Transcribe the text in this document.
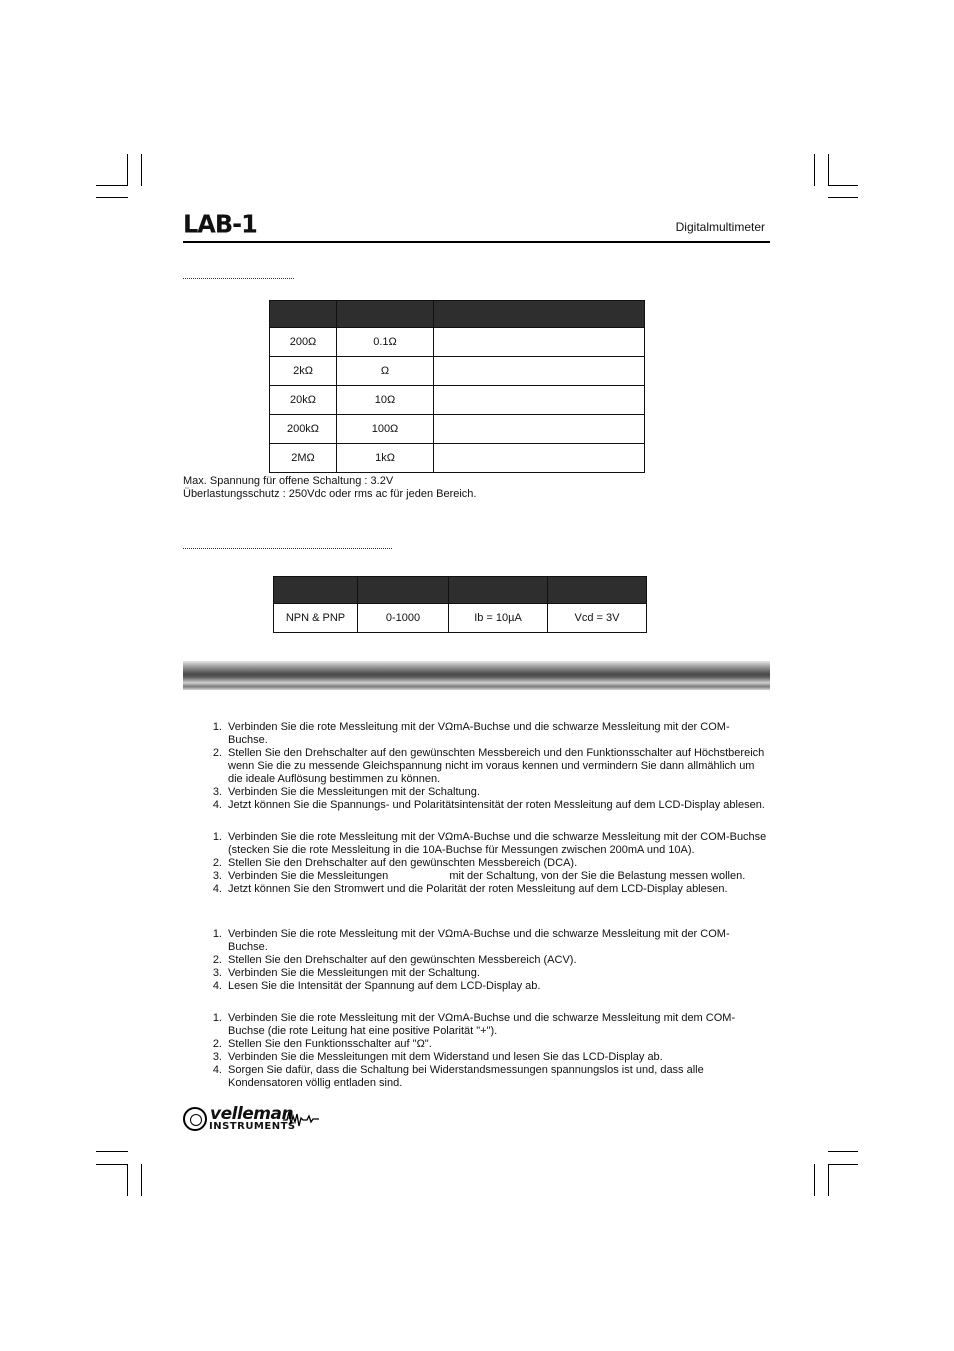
LAB-1	Digitalmultimeter

200Ω	0.1Ω	
2kΩ	Ω	
20kΩ	10Ω	
200kΩ	100Ω	
2MΩ	1kΩ	
Max. Spannung für offene Schaltung : 3.2V
Überlastungsschutz : 250Vdc oder rms ac für jeden Bereich.

NPN & PNP	0-1000	Ib = 10µA	Vcd = 3V
1. Verbinden Sie die rote Messleitung mit der VΩmA-Buchse und die schwarze Messleitung mit der COM-Buchse.
2. Stellen Sie den Drehschalter auf den gewünschten Messbereich und den Funktionsschalter auf Höchstbereich wenn Sie die zu messende Gleichspannung nicht im voraus kennen und vermindern Sie dann allmählich um die ideale Auflösung bestimmen zu können.
3. Verbinden Sie die Messleitungen mit der Schaltung.
4. Jetzt können Sie die Spannungs- und Polaritätsintensität der roten Messleitung auf dem LCD-Display ablesen.
1. Verbinden Sie die rote Messleitung mit der VΩmA-Buchse und die schwarze Messleitung mit der COM-Buchse (stecken Sie die rote Messleitung in die 10A-Buchse für Messungen zwischen 200mA und 10A).
2. Stellen Sie den Drehschalter auf den gewünschten Messbereich (DCA).
3. Verbinden Sie die Messleitungen                    mit der Schaltung, von der Sie die Belastung messen wollen.
4. Jetzt können Sie den Stromwert und die Polarität der roten Messleitung auf dem LCD-Display ablesen.
1. Verbinden Sie die rote Messleitung mit der VΩmA-Buchse und die schwarze Messleitung mit der COM-Buchse.
2. Stellen Sie den Drehschalter auf den gewünschten Messbereich (ACV).
3. Verbinden Sie die Messleitungen mit der Schaltung.
4. Lesen Sie die Intensität der Spannung auf dem LCD-Display ab.
1. Verbinden Sie die rote Messleitung mit der VΩmA-Buchse und die schwarze Messleitung mit dem COM-Buchse (die rote Leitung hat eine positive Polarität "+").
2. Stellen Sie den Funktionsschalter auf "Ω".
3. Verbinden Sie die Messleitungen mit dem Widerstand und lesen Sie das LCD-Display ab.
4. Sorgen Sie dafür, dass die Schaltung bei Widerstandsmessungen spannungslos ist und, dass alle Kondensatoren völlig entladen sind.
velleman
INSTRUMENTS
